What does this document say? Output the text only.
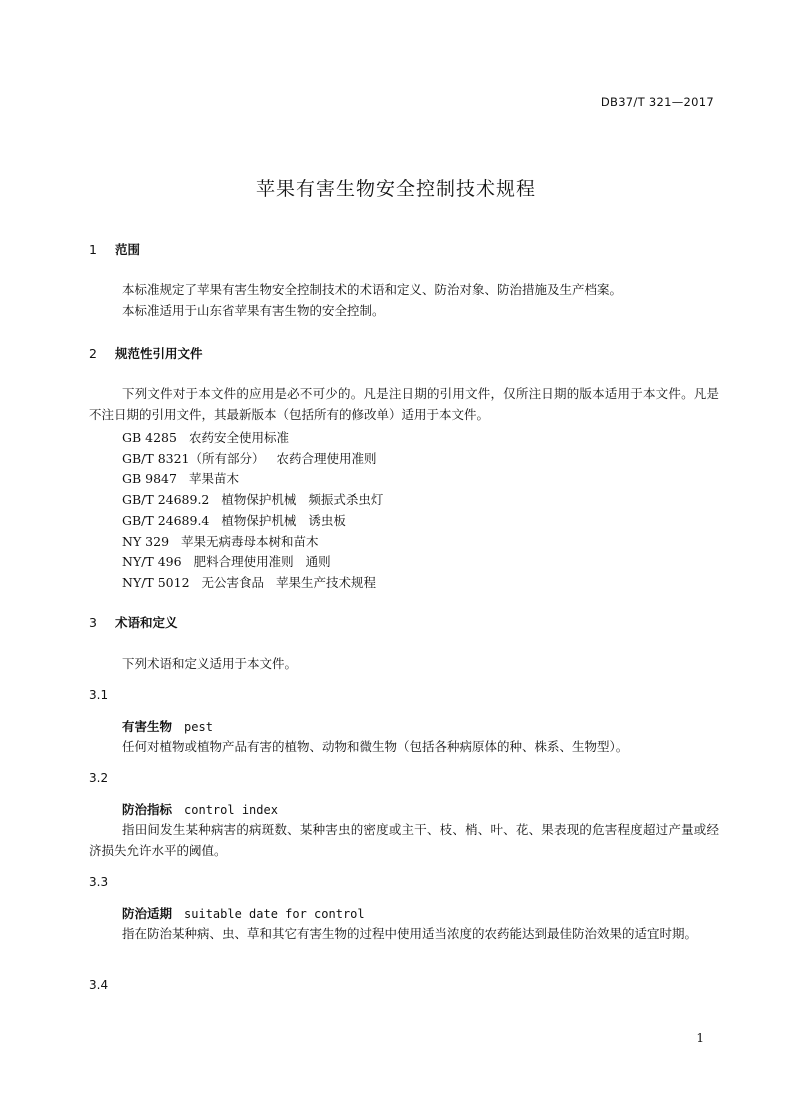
DB37/T 321—2017
苹果有害生物安全控制技术规程
1 范围
本标准规定了苹果有害生物安全控制技术的术语和定义、防治对象、防治措施及生产档案。
本标准适用于山东省苹果有害生物的安全控制。
2 规范性引用文件
下列文件对于本文件的应用是必不可少的。凡是注日期的引用文件，仅所注日期的版本适用于本文件。凡是不注日期的引用文件，其最新版本（包括所有的修改单）适用于本文件。
GB 4285 农药安全使用标准
GB/T 8321（所有部分） 农药合理使用准则
GB 9847 苹果苗木
GB/T 24689.2 植物保护机械 频振式杀虫灯
GB/T 24689.4 植物保护机械 诱虫板
NY 329 苹果无病毒母本树和苗木
NY/T 496 肥料合理使用准则 通则
NY/T 5012 无公害食品 苹果生产技术规程
3 术语和定义
下列术语和定义适用于本文件。
3.1
有害生物 pest
任何对植物或植物产品有害的植物、动物和微生物（包括各种病原体的种、株系、生物型）。
3.2
防治指标 control index
指田间发生某种病害的病斑数、某种害虫的密度或主干、枝、梢、叶、花、果表现的危害程度超过产量或经济损失允许水平的阈值。
3.3
防治适期 suitable date for control
指在防治某种病、虫、草和其它有害生物的过程中使用适当浓度的农药能达到最佳防治效果的适宜时期。
3.4
1
